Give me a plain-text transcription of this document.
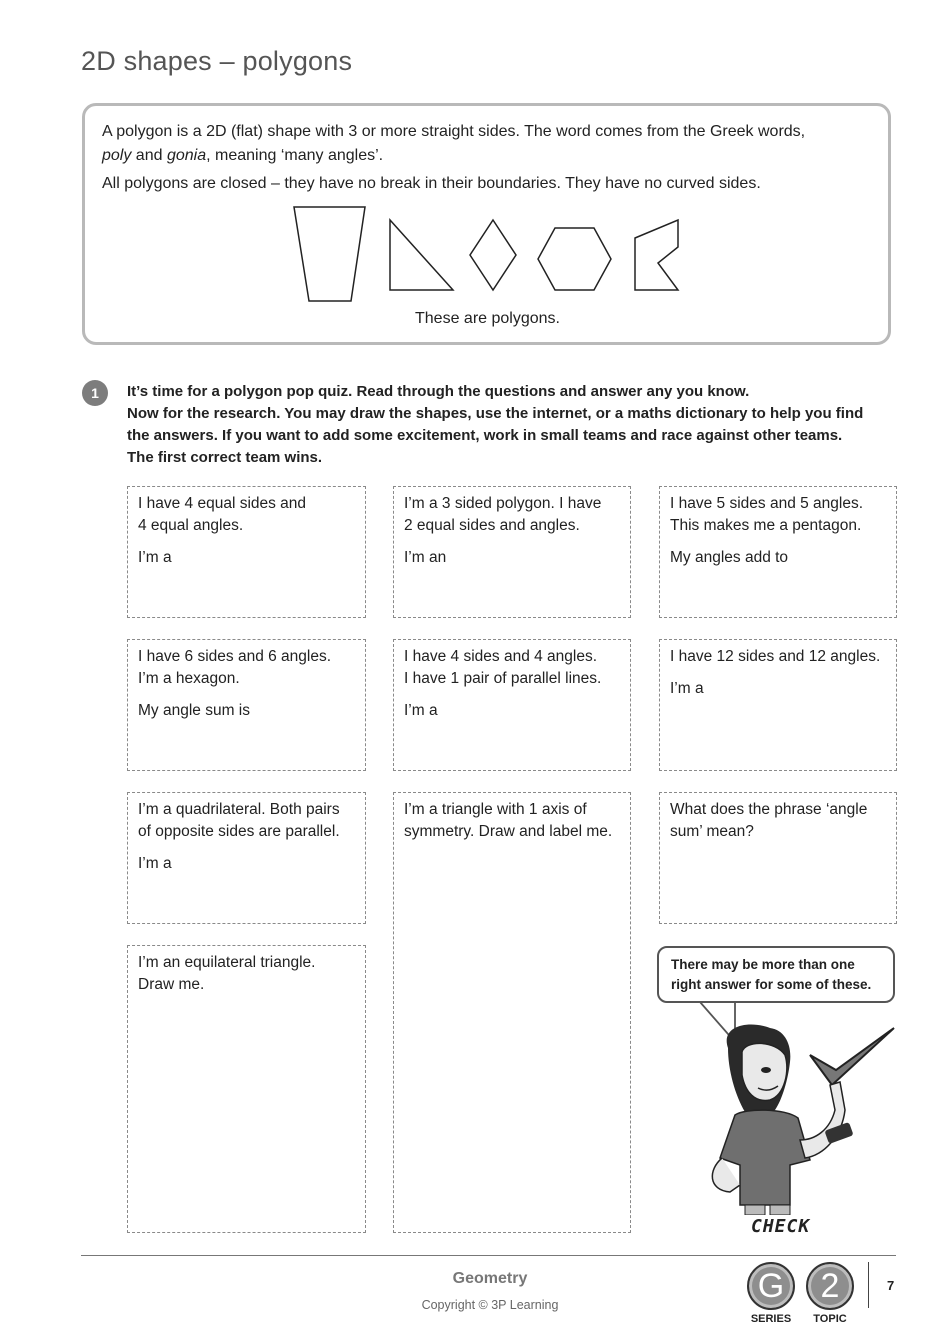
2D shapes – polygons

A polygon is a 2D (flat) shape with 3 or more straight sides. The word comes from the Greek words,

poly and gonia, meaning ‘many angles’.

All polygons are closed – they have no break in their boundaries. They have no curved sides.

These are polygons.
1	It’s time for a polygon pop quiz. Read through the questions and answer any you know.

Now for the research. You may draw the shapes, use the internet, or a maths dictionary to help you find

the answers. If you want to add some excitement, work in small teams and race against other teams.

The first correct team wins.

I have 4 equal sides and
4 equal angles.
I’m a
I’m a 3 sided polygon. I have
2 equal sides and angles.
I’m an
I have 5 sides and 5 angles.
This makes me a pentagon.
My angles add to
I have 6 sides and 6 angles.
I’m a hexagon.
My angle sum is
I have 4 sides and 4 angles.
I have 1 pair of parallel lines.
I’m a
I have 12 sides and 12 angles.
I’m a
I’m a quadrilateral. Both pairs
of opposite sides are parallel.
I’m a
I’m a triangle with 1 axis of
symmetry. Draw and label me.
What does the phrase ‘angle
sum’ mean?
I’m an equilateral triangle.
Draw me.
There may be more than one
right answer for some of these.
CHECK
Geometry
Copyright © 3P Learning
G
SERIES
2
TOPIC
7
